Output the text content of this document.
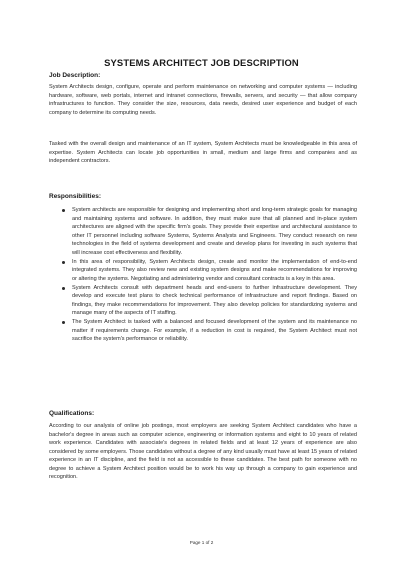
SYSTEMS ARCHITECT JOB DESCRIPTION
Job Description:

System Architects design, configure, operate and perform maintenance on networking and computer systems — including hardware, software, web portals, internet and intranet connections, firewalls, servers, and security — that allow company infrastructures to function. They consider the size, resources, data needs, desired user experience and budget of each company to determine its computing needs.

Tasked with the overall design and maintenance of an IT system, System Architects must be knowledgeable in this area of expertise. System Architects can locate job opportunities in small, medium and large firms and companies and as independent contractors.

Responsibilities:
System architects are responsible for designing and implementing short and long-term strategic goals for managing and maintaining systems and software. In addition, they must make sure that all planned and in-place system architectures are aligned with the specific firm's goals. They provide their expertise and architectural assistance to other IT personnel including software Systems, Systems Analysts and Engineers. They conduct research on new technologies in the field of systems development and create and develop plans for investing in such systems that will increase cost effectiveness and flexibility.
In this area of responsibility, System Architects design, create and monitor the implementation of end-to-end integrated systems. They also review new and existing system designs and make recommendations for improving or altering the systems. Negotiating and administering vendor and consultant contracts is a key in this area.
System Architects consult with department heads and end-users to further infrastructure development. They develop and execute test plans to check technical performance of infrastructure and report findings. Based on findings, they make recommendations for improvement. They also develop policies for standardizing systems and manage many of the aspects of IT staffing.
The System Architect is tasked with a balanced and focused development of the system and its maintenance no matter if requirements change. For example, if a reduction in cost is required, the System Architect must not sacrifice the system's performance or reliability.
Qualifications:

According to our analysis of online job postings, most employers are seeking System Architect candidates who have a bachelor's degree in areas such as computer science, engineering or information systems and eight to 10 years of related work experience. Candidates with associate's degrees in related fields and at least 12 years of experience are also considered by some employers. Those candidates without a degree of any kind usually must have at least 15 years of related experience in an IT discipline, and the field is not as accessible to these candidates. The best path for someone with no degree to achieve a System Architect position would be to work his way up through a company to gain experience and recognition.

Page 1 of 2
